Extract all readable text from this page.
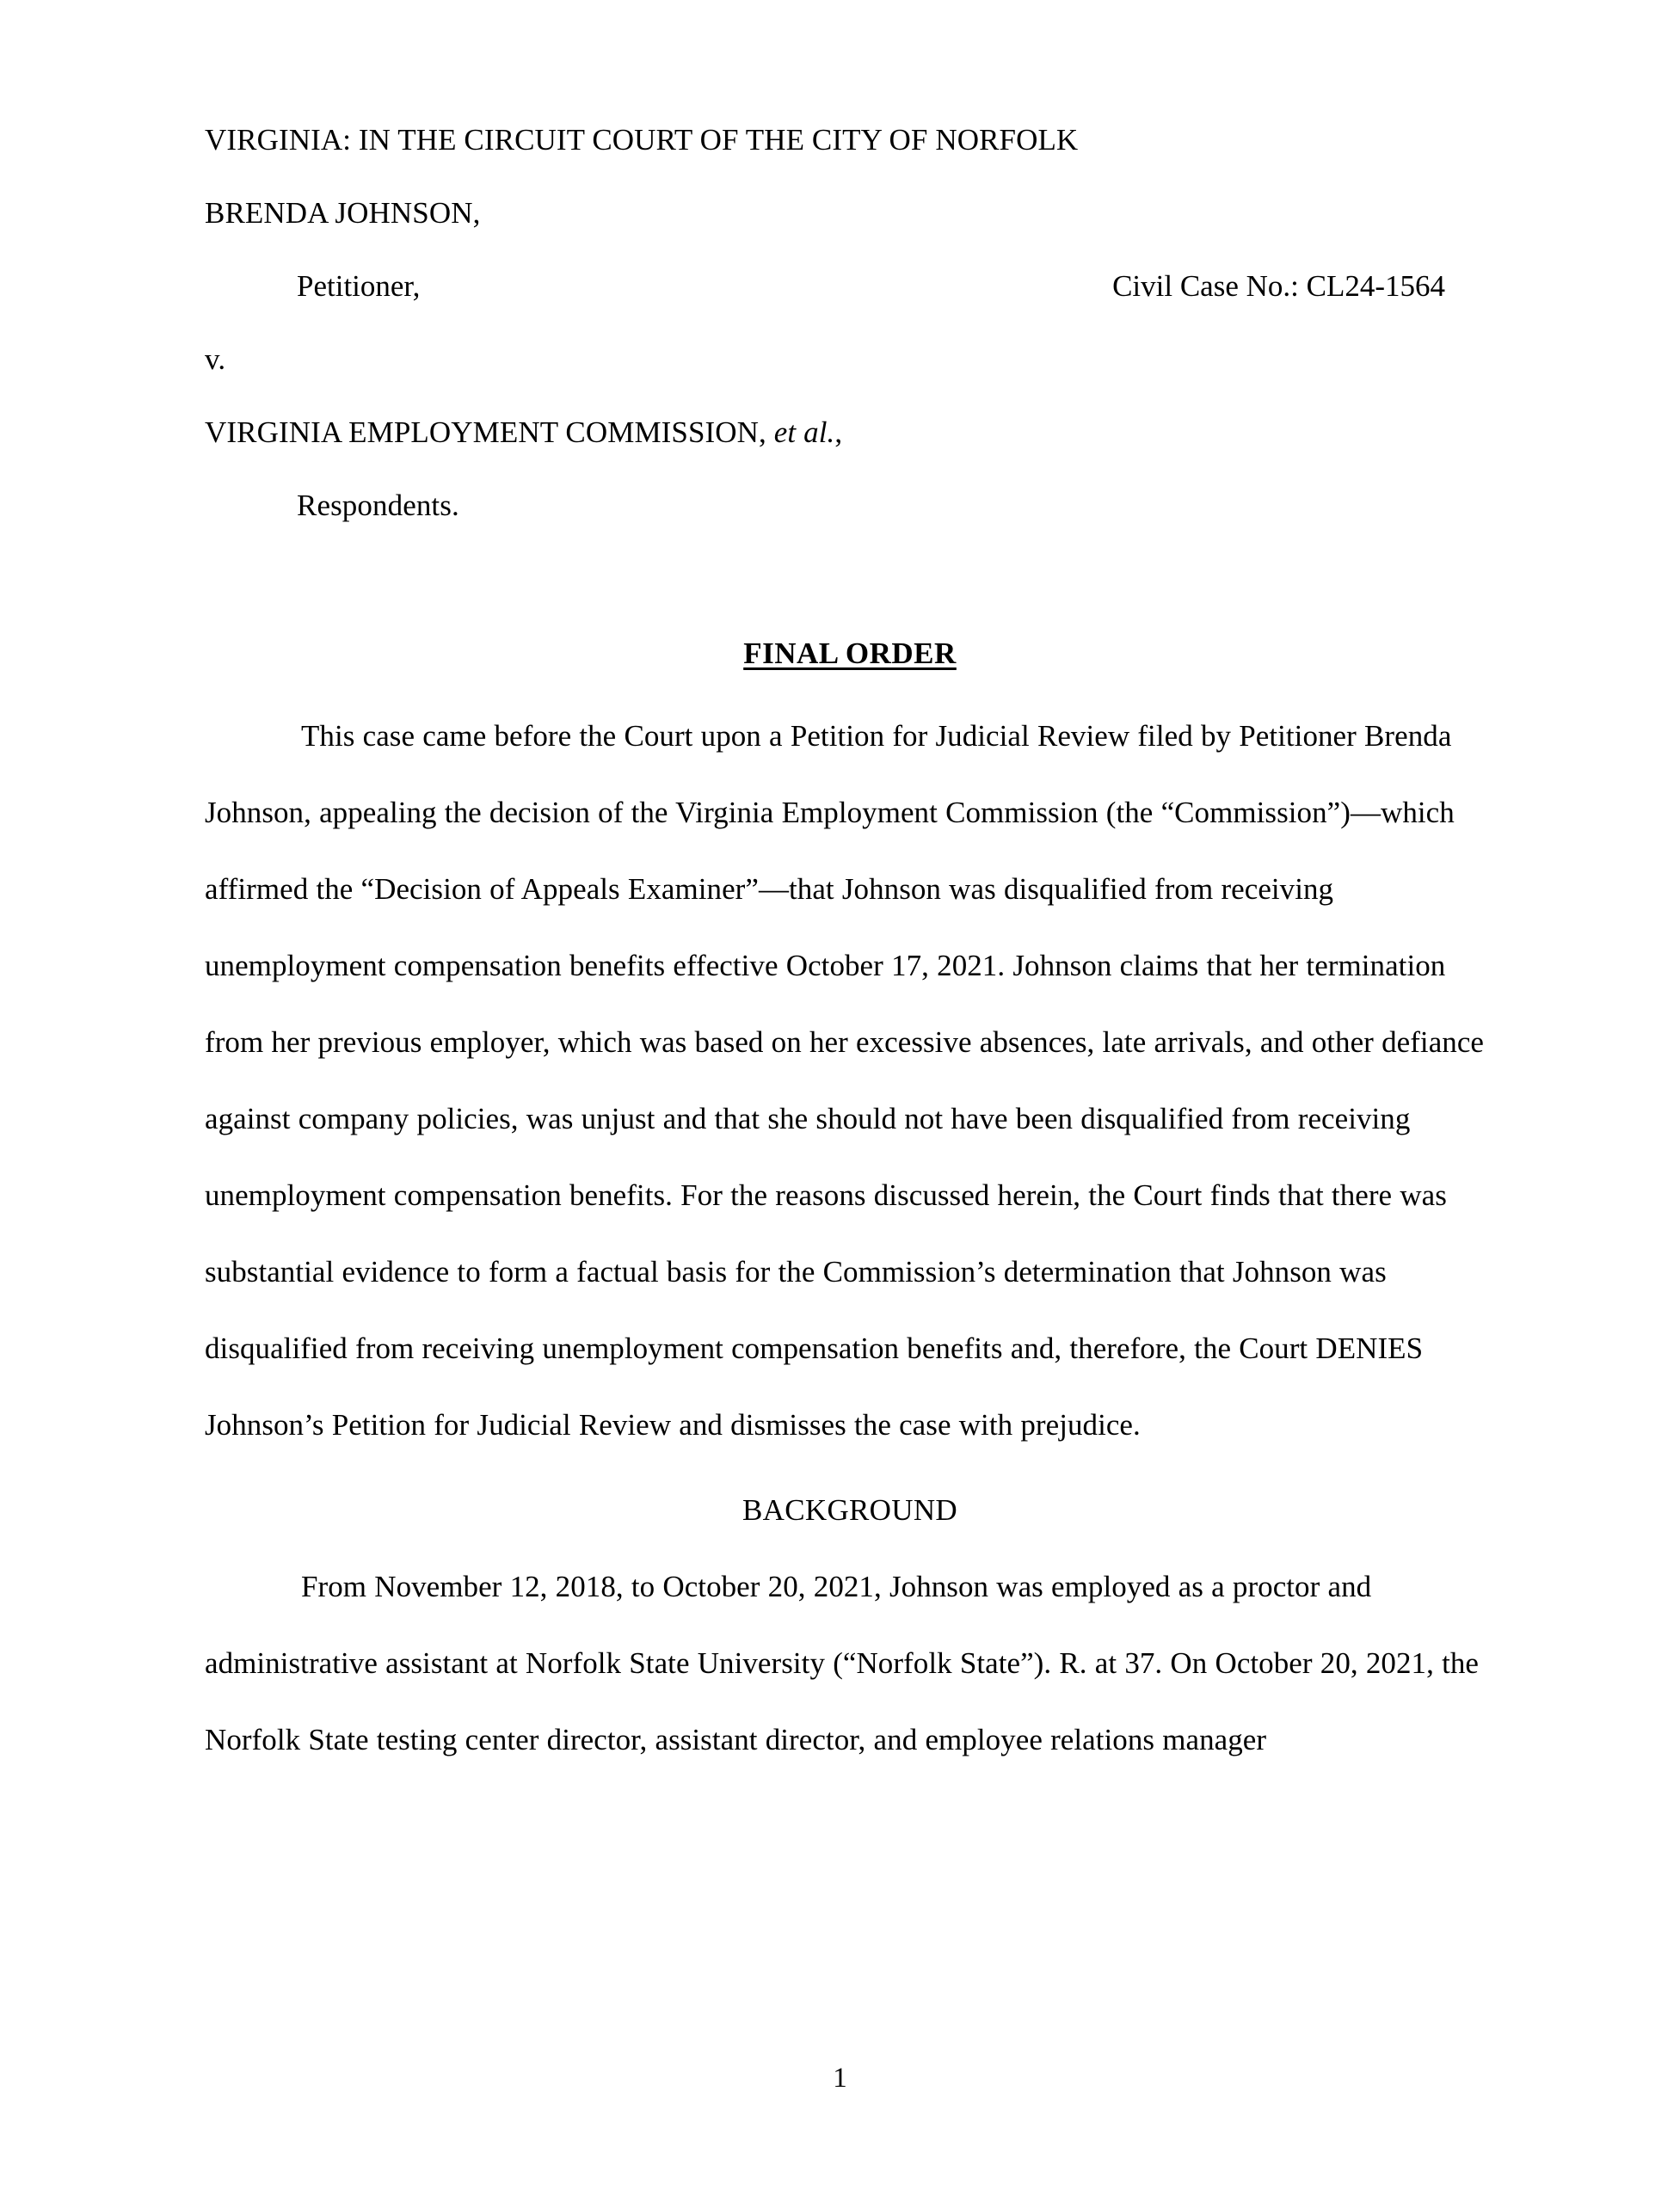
VIRGINIA: IN THE CIRCUIT COURT OF THE CITY OF NORFOLK
BRENDA JOHNSON,
Petitioner,	Civil Case No.: CL24-1564
v.
VIRGINIA EMPLOYMENT COMMISSION, et al.,
Respondents.
FINAL ORDER

This case came before the Court upon a Petition for Judicial Review filed by Petitioner Brenda Johnson, appealing the decision of the Virginia Employment Commission (the “Commission”)—which affirmed the “Decision of Appeals Examiner”—that Johnson was disqualified from receiving unemployment compensation benefits effective October 17, 2021. Johnson claims that her termination from her previous employer, which was based on her excessive absences, late arrivals, and other defiance against company policies, was unjust and that she should not have been disqualified from receiving unemployment compensation benefits. For the reasons discussed herein, the Court finds that there was substantial evidence to form a factual basis for the Commission’s determination that Johnson was disqualified from receiving unemployment compensation benefits and, therefore, the Court DENIES Johnson’s Petition for Judicial Review and dismisses the case with prejudice.

BACKGROUND

From November 12, 2018, to October 20, 2021, Johnson was employed as a proctor and administrative assistant at Norfolk State University (“Norfolk State”). R. at 37. On October 20, 2021, the Norfolk State testing center director, assistant director, and employee relations manager

1
